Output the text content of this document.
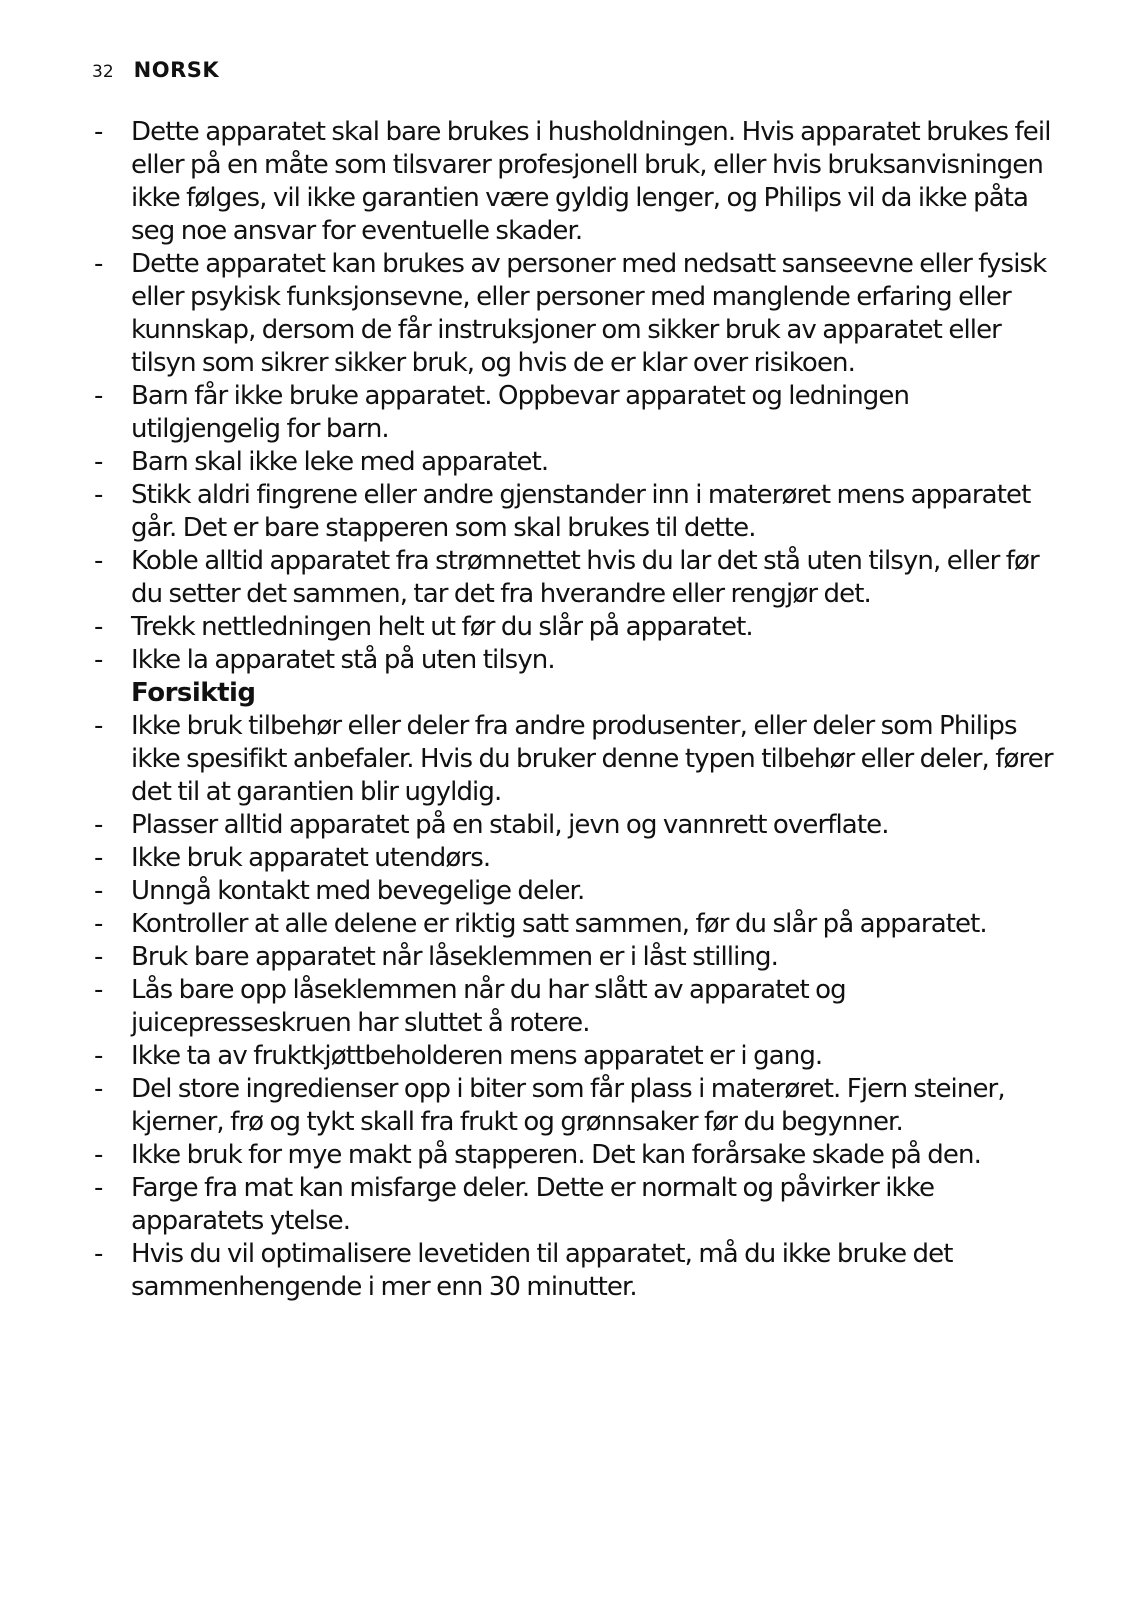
32 NORSK
- Dette apparatet skal bare brukes i husholdningen. Hvis apparatet brukes feil eller på en måte som tilsvarer profesjonell bruk, eller hvis bruksanvisningen ikke følges, vil ikke garantien være gyldig lenger, og Philips vil da ikke påta seg noe ansvar for eventuelle skader.
- Dette apparatet kan brukes av personer med nedsatt sanseevne eller fysisk eller psykisk funksjonsevne, eller personer med manglende erfaring eller kunnskap, dersom de får instruksjoner om sikker bruk av apparatet eller tilsyn som sikrer sikker bruk, og hvis de er klar over risikoen.
- Barn får ikke bruke apparatet. Oppbevar apparatet og ledningen utilgjengelig for barn.
- Barn skal ikke leke med apparatet.
- Stikk aldri fingrene eller andre gjenstander inn i materøret mens apparatet går. Det er bare stapperen som skal brukes til dette.
- Koble alltid apparatet fra strømnettet hvis du lar det stå uten tilsyn, eller før du setter det sammen, tar det fra hverandre eller rengjør det.
- Trekk nettledningen helt ut før du slår på apparatet.
- Ikke la apparatet stå på uten tilsyn.
Forsiktig
- Ikke bruk tilbehør eller deler fra andre produsenter, eller deler som Philips ikke spesifikt anbefaler. Hvis du bruker denne typen tilbehør eller deler, fører det til at garantien blir ugyldig.
- Plasser alltid apparatet på en stabil, jevn og vannrett overflate.
- Ikke bruk apparatet utendørs.
- Unngå kontakt med bevegelige deler.
- Kontroller at alle delene er riktig satt sammen, før du slår på apparatet.
- Bruk bare apparatet når låseklemmen er i låst stilling.
- Lås bare opp låseklemmen når du har slått av apparatet og juicepresseskruen har sluttet å rotere.
- Ikke ta av fruktkjøttbeholderen mens apparatet er i gang.
- Del store ingredienser opp i biter som får plass i materøret. Fjern steiner, kjerner, frø og tykt skall fra frukt og grønnsaker før du begynner.
- Ikke bruk for mye makt på stapperen. Det kan forårsake skade på den.
- Farge fra mat kan misfarge deler. Dette er normalt og påvirker ikke apparatets ytelse.
- Hvis du vil optimalisere levetiden til apparatet, må du ikke bruke det sammenhengende i mer enn 30 minutter.
